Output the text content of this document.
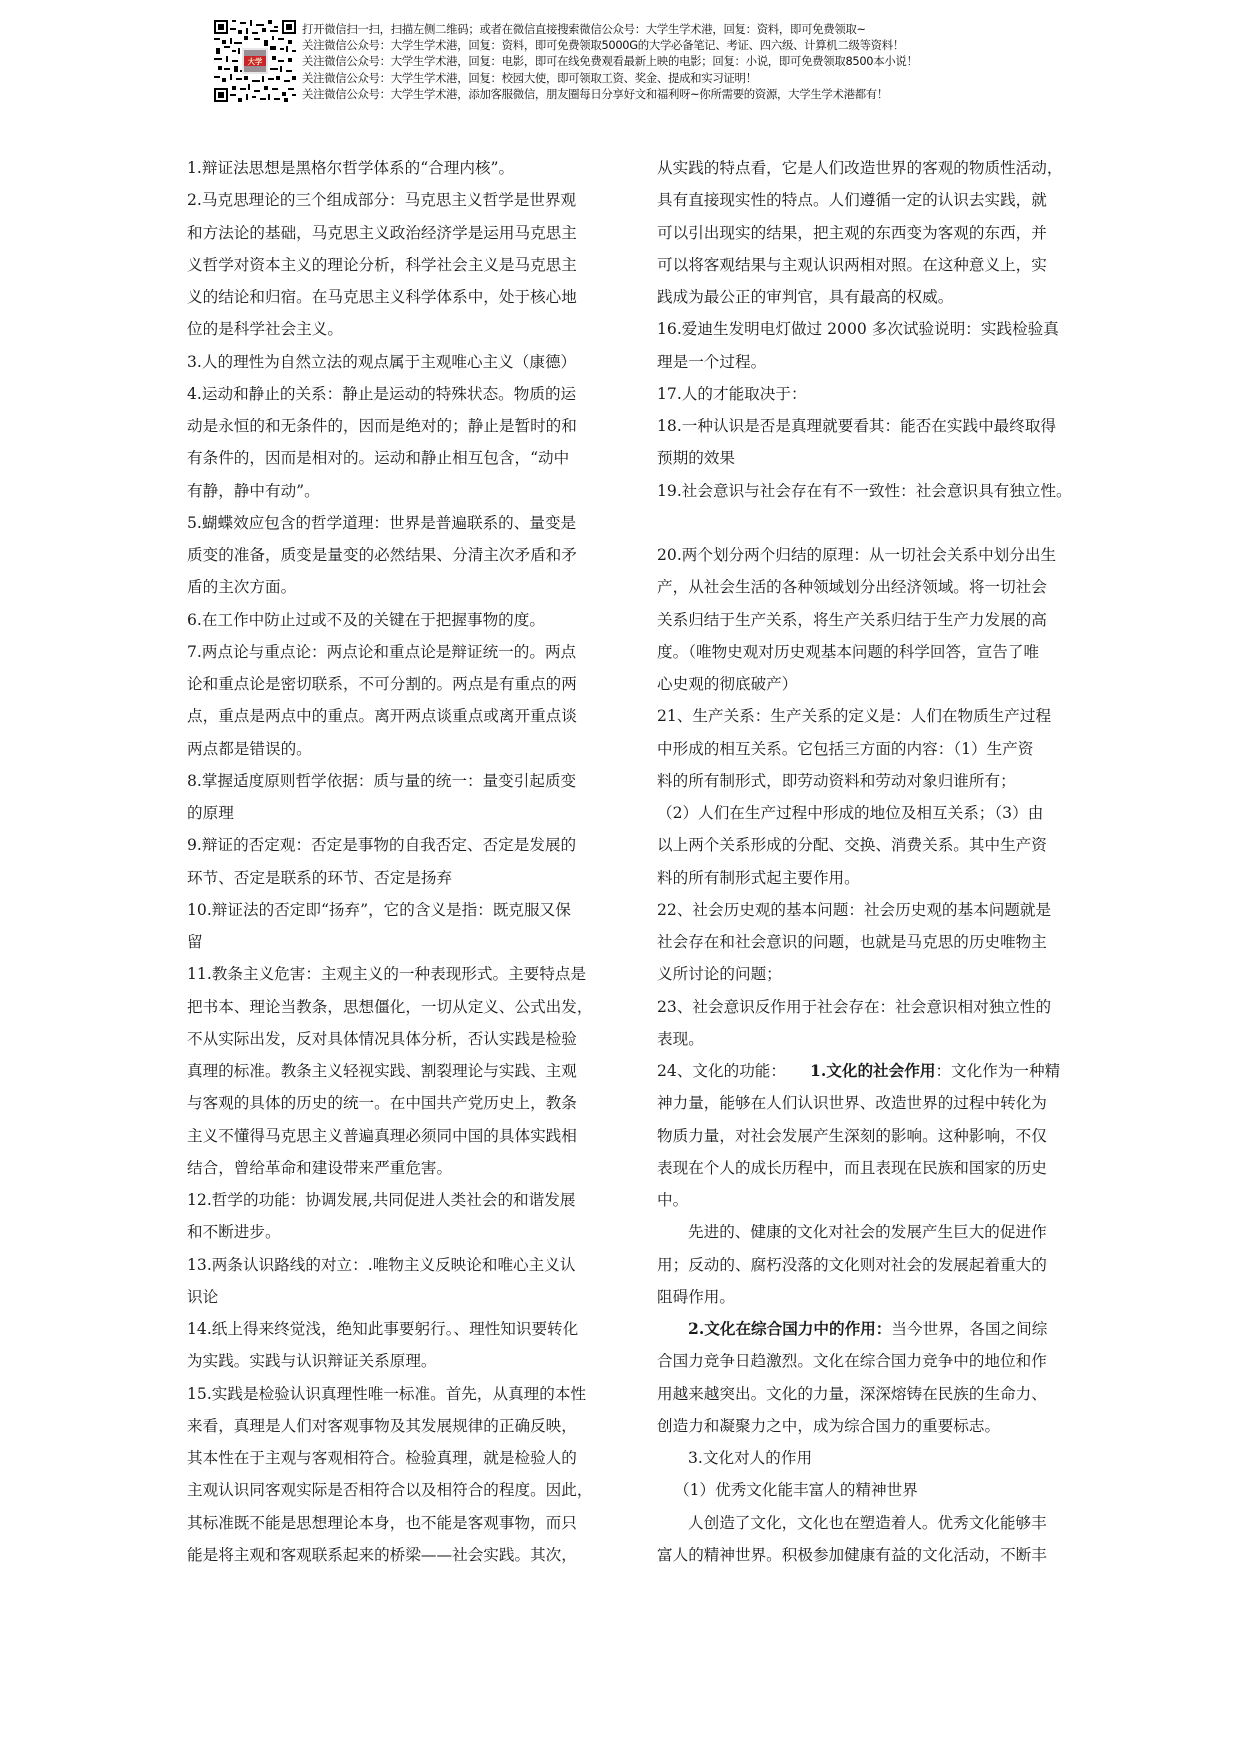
大学
打开微信扫一扫，扫描左侧二维码；或者在微信直接搜索微信公众号：大学生学术港，回复：资料，即可免费领取~
关注微信公众号：大学生学术港，回复：资料，即可免费领取5000G的大学必备笔记、考证、四六级、计算机二级等资料！
关注微信公众号：大学生学术港，回复：电影，即可在线免费观看最新上映的电影；回复：小说，即可免费领取8500本小说！
关注微信公众号：大学生学术港，回复：校园大使，即可领取工资、奖金、提成和实习证明！
关注微信公众号：大学生学术港，添加客服微信，朋友圈每日分享好文和福利呀~你所需要的资源，大学生学术港都有！
1.辩证法思想是黑格尔哲学体系的“合理内核”。
2.马克思理论的三个组成部分：马克思主义哲学是世界观
和方法论的基础，马克思主义政治经济学是运用马克思主
义哲学对资本主义的理论分析，科学社会主义是马克思主
义的结论和归宿。在马克思主义科学体系中，处于核心地
位的是科学社会主义。
3.人的理性为自然立法的观点属于主观唯心主义（康德）
4.运动和静止的关系：静止是运动的特殊状态。物质的运
动是永恒的和无条件的，因而是绝对的；静止是暂时的和
有条件的，因而是相对的。运动和静止相互包含，“动中
有静，静中有动”。
5.蝴蝶效应包含的哲学道理：世界是普遍联系的、量变是
质变的准备，质变是量变的必然结果、分清主次矛盾和矛
盾的主次方面。
6.在工作中防止过或不及的关键在于把握事物的度。
7.两点论与重点论：两点论和重点论是辩证统一的。两点
论和重点论是密切联系，不可分割的。两点是有重点的两
点，重点是两点中的重点。离开两点谈重点或离开重点谈
两点都是错误的。
8.掌握适度原则哲学依据：质与量的统一：量变引起质变
的原理
9.辩证的否定观：否定是事物的自我否定、否定是发展的
环节、否定是联系的环节、否定是扬弃
10.辩证法的否定即“扬弃”，它的含义是指：既克服又保
留
11.教条主义危害：主观主义的一种表现形式。主要特点是
把书本、理论当教条，思想僵化，一切从定义、公式出发，
不从实际出发，反对具体情况具体分析，否认实践是检验
真理的标准。教条主义轻视实践、割裂理论与实践、主观
与客观的具体的历史的统一。在中国共产党历史上，教条
主义不懂得马克思主义普遍真理必须同中国的具体实践相
结合，曾给革命和建设带来严重危害。
12.哲学的功能：协调发展,共同促进人类社会的和谐发展
和不断进步。
13.两条认识路线的对立：.唯物主义反映论和唯心主义认
识论
14.纸上得来终觉浅，绝知此事要躬行。、理性知识要转化
为实践。实践与认识辩证关系原理。
15.实践是检验认识真理性唯一标准。首先，从真理的本性
来看，真理是人们对客观事物及其发展规律的正确反映，
其本性在于主观与客观相符合。检验真理，就是检验人的
主观认识同客观实际是否相符合以及相符合的程度。因此，
其标准既不能是思想理论本身，也不能是客观事物，而只
能是将主观和客观联系起来的桥梁——社会实践。其次，
从实践的特点看，它是人们改造世界的客观的物质性活动，
具有直接现实性的特点。人们遵循一定的认识去实践，就
可以引出现实的结果，把主观的东西变为客观的东西，并
可以将客观结果与主观认识两相对照。在这种意义上，实
践成为最公正的审判官，具有最高的权威。
16.爱迪生发明电灯做过 2000 多次试验说明：实践检验真
理是一个过程。
17.人的才能取决于：
18.一种认识是否是真理就要看其：能否在实践中最终取得
预期的效果
19.社会意识与社会存在有不一致性：社会意识具有独立性。
20.两个划分两个归结的原理：从一切社会关系中划分出生
产，从社会生活的各种领域划分出经济领域。将一切社会
关系归结于生产关系，将生产关系归结于生产力发展的高
度。（唯物史观对历史观基本问题的科学回答，宣告了唯
心史观的彻底破产）
21、生产关系：生产关系的定义是：人们在物质生产过程
中形成的相互关系。它包括三方面的内容：（1）生产资
料的所有制形式，即劳动资料和劳动对象归谁所有；
（2）人们在生产过程中形成的地位及相互关系；（3）由
以上两个关系形成的分配、交换、消费关系。其中生产资
料的所有制形式起主要作用。
22、社会历史观的基本问题：社会历史观的基本问题就是
社会存在和社会意识的问题，也就是马克思的历史唯物主
义所讨论的问题；
23、社会意识反作用于社会存在：社会意识相对独立性的
表现。
24、文化的功能： 1.文化的社会作用：文化作为一种精
神力量，能够在人们认识世界、改造世界的过程中转化为
物质力量，对社会发展产生深刻的影响。这种影响，不仅
表现在个人的成长历程中，而且表现在民族和国家的历史
中。
先进的、健康的文化对社会的发展产生巨大的促进作
用；反动的、腐朽没落的文化则对社会的发展起着重大的
阻碍作用。
2.文化在综合国力中的作用：当今世界，各国之间综
合国力竞争日趋激烈。文化在综合国力竞争中的地位和作
用越来越突出。文化的力量，深深熔铸在民族的生命力、
创造力和凝聚力之中，成为综合国力的重要标志。
3.文化对人的作用
（1）优秀文化能丰富人的精神世界
人创造了文化，文化也在塑造着人。优秀文化能够丰
富人的精神世界。积极参加健康有益的文化活动，不断丰
